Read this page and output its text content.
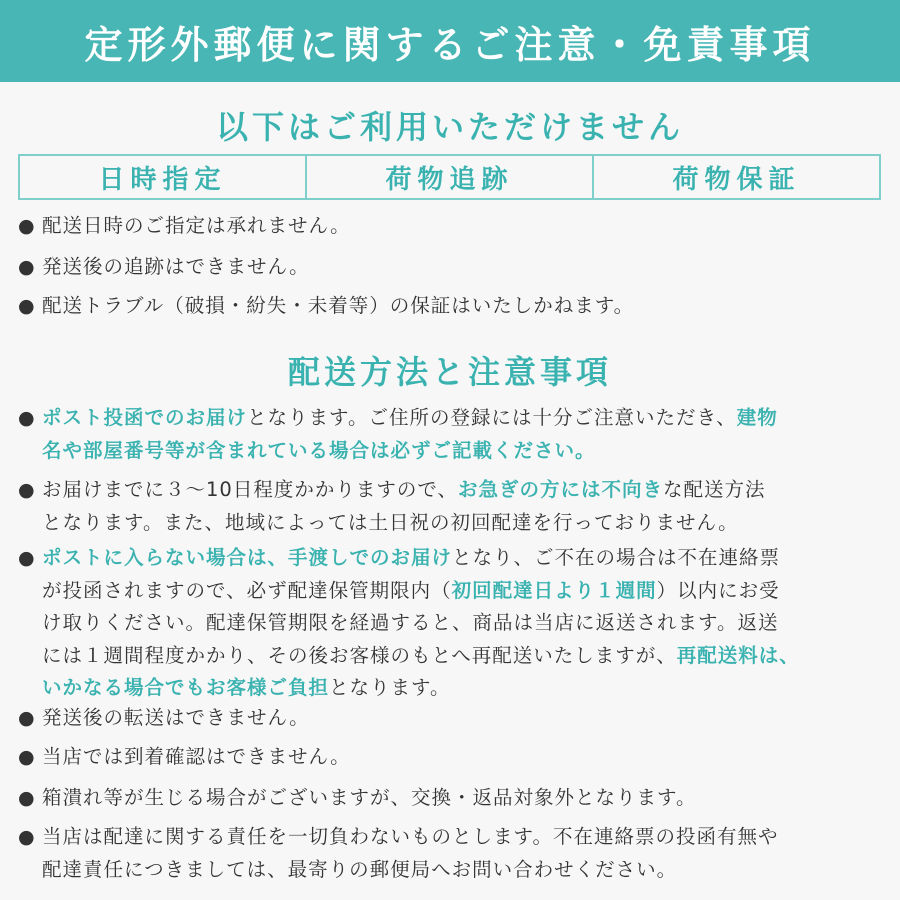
定形外郵便に関するご注意・免責事項
以下はご利用いただけません
日時指定	荷物追跡	荷物保証
● 配送日時のご指定は承れません。
● 発送後の追跡はできません。
● 配送トラブル（破損・紛失・未着等）の保証はいたしかねます。
配送方法と注意事項
● ポスト投函でのお届けとなります。ご住所の登録には十分ご注意いただき、建物
名や部屋番号等が含まれている場合は必ずご記載ください。
● お届けまでに３～10日程度かかりますので、お急ぎの方には不向きな配送方法
となります。また、地域によっては土日祝の初回配達を行っておりません。
● ポストに入らない場合は、手渡しでのお届けとなり、ご不在の場合は不在連絡票
が投函されますので、必ず配達保管期限内（初回配達日より１週間）以内にお受
け取りください。配達保管期限を経過すると、商品は当店に返送されます。返送
には１週間程度かかり、その後お客様のもとへ再配送いたしますが、再配送料は、
いかなる場合でもお客様ご負担となります。
● 発送後の転送はできません。
● 当店では到着確認はできません。
● 箱潰れ等が生じる場合がございますが、交換・返品対象外となります。
● 当店は配達に関する責任を一切負わないものとします。不在連絡票の投函有無や
配達責任につきましては、最寄りの郵便局へお問い合わせください。
